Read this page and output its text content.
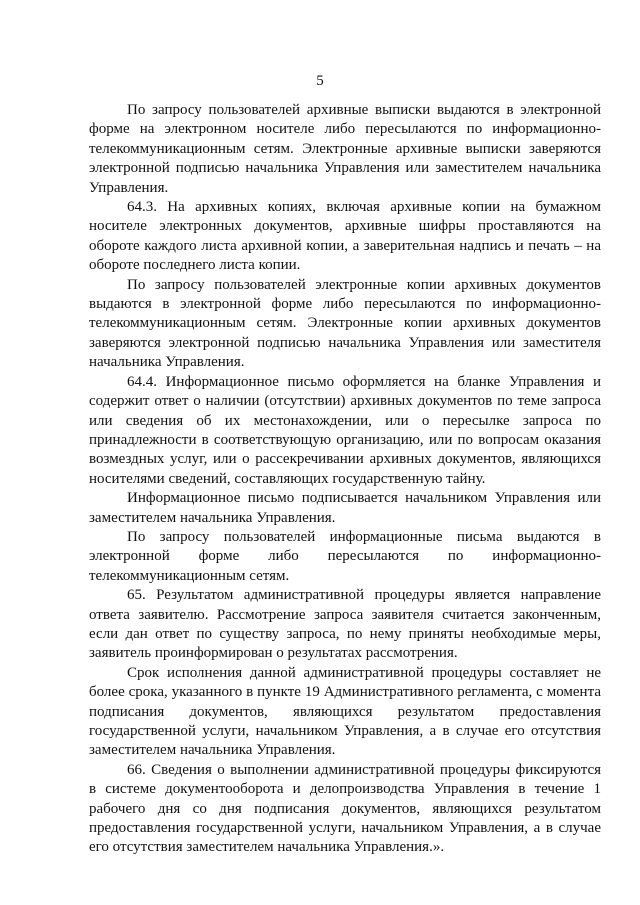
5

По запросу пользователей архивные выписки выдаются в электронной форме на электронном носителе либо пересылаются по информационно-телекоммуникационным сетям. Электронные архивные выписки заверяются электронной подписью начальника Управления или заместителем начальника Управления.

64.3. На архивных копиях, включая архивные копии на бумажном носителе электронных документов, архивные шифры проставляются на обороте каждого листа архивной копии, а заверительная надпись и печать – на обороте последнего листа копии.

По запросу пользователей электронные копии архивных документов выдаются в электронной форме либо пересылаются по информационно-телекоммуникационным сетям. Электронные копии архивных документов заверяются электронной подписью начальника Управления или заместителя начальника Управления.

64.4. Информационное письмо оформляется на бланке Управления и содержит ответ о наличии (отсутствии) архивных документов по теме запроса или сведения об их местонахождении, или о пересылке запроса по принадлежности в соответствующую организацию, или по вопросам оказания возмездных услуг, или о рассекречивании архивных документов, являющихся носителями сведений, составляющих государственную тайну.

Информационное письмо подписывается начальником Управления или заместителем начальника Управления.

По запросу пользователей информационные письма выдаются в электронной форме либо пересылаются по информационно-телекоммуникационным сетям.

65. Результатом административной процедуры является направление ответа заявителю. Рассмотрение запроса заявителя считается законченным, если дан ответ по существу запроса, по нему приняты необходимые меры, заявитель проинформирован о результатах рассмотрения.

Срок исполнения данной административной процедуры составляет не более срока, указанного в пункте 19 Административного регламента, с момента подписания документов, являющихся результатом предоставления государственной услуги, начальником Управления, а в случае его отсутствия заместителем начальника Управления.

66. Сведения о выполнении административной процедуры фиксируются в системе документооборота и делопроизводства Управления в течение 1 рабочего дня со дня подписания документов, являющихся результатом предоставления государственной услуги, начальником Управления, а в случае его отсутствия заместителем начальника Управления.».
